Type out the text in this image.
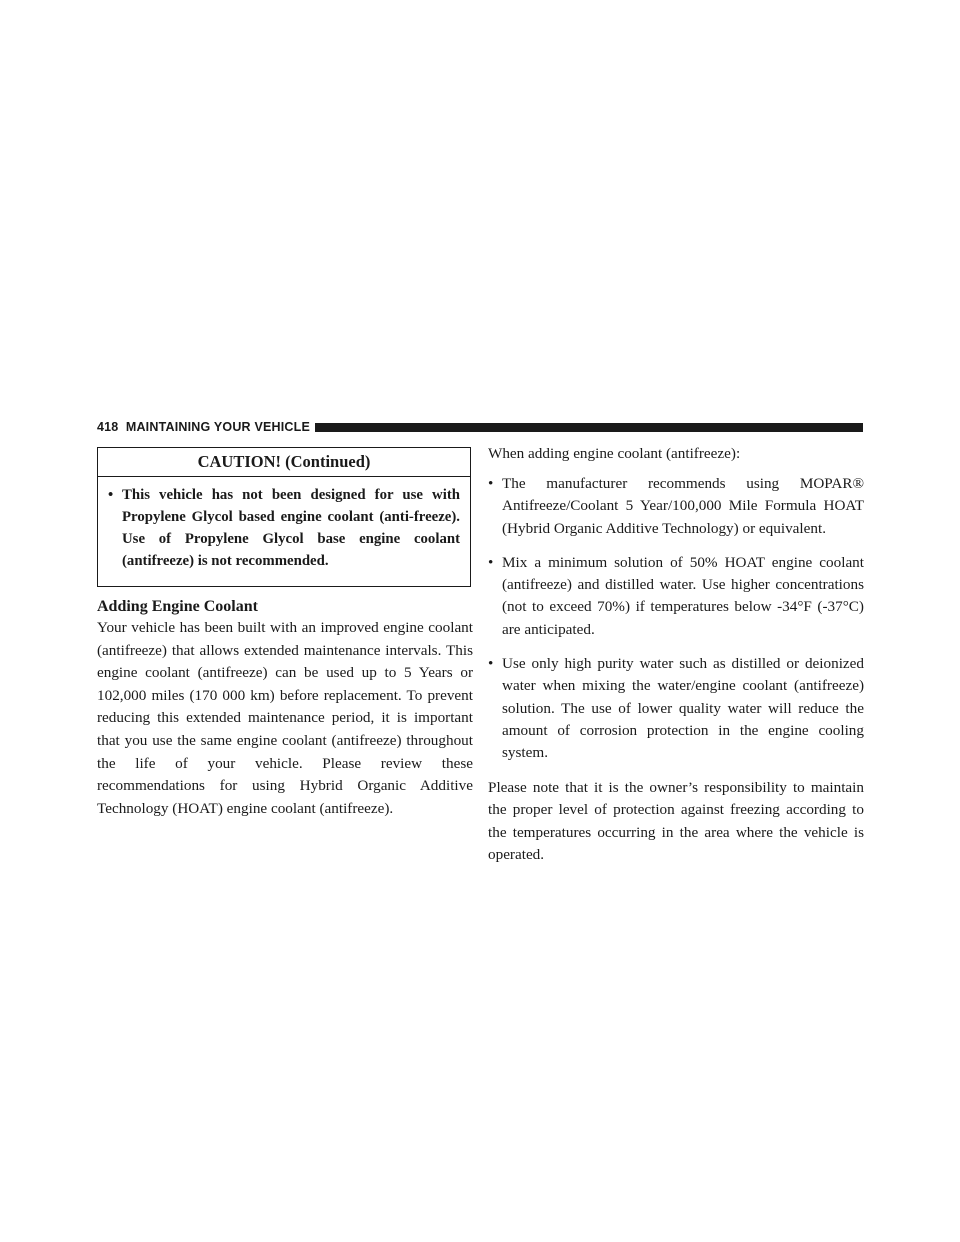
418 MAINTAINING YOUR VEHICLE
CAUTION! (Continued)
• This vehicle has not been designed for use with Propylene Glycol based engine coolant (anti-freeze). Use of Propylene Glycol base engine coolant (antifreeze) is not recommended.
Adding Engine Coolant

Your vehicle has been built with an improved engine coolant (antifreeze) that allows extended maintenance intervals. This engine coolant (antifreeze) can be used up to 5 Years or 102,000 miles (170 000 km) before replacement. To prevent reducing this extended maintenance period, it is important that you use the same engine coolant (antifreeze) throughout the life of your vehicle. Please review these recommendations for using Hybrid Organic Additive Technology (HOAT) engine coolant (antifreeze).

When adding engine coolant (antifreeze):

• The manufacturer recommends using MOPAR® Antifreeze/Coolant 5 Year/100,000 Mile Formula HOAT (Hybrid Organic Additive Technology) or equivalent.
• Mix a minimum solution of 50% HOAT engine coolant (antifreeze) and distilled water. Use higher concentrations (not to exceed 70%) if temperatures below -34°F (-37°C) are anticipated.
• Use only high purity water such as distilled or deionized water when mixing the water/engine coolant (antifreeze) solution. The use of lower quality water will reduce the amount of corrosion protection in the engine cooling system.

Please note that it is the owner’s responsibility to maintain the proper level of protection against freezing according to the temperatures occurring in the area where the vehicle is operated.
